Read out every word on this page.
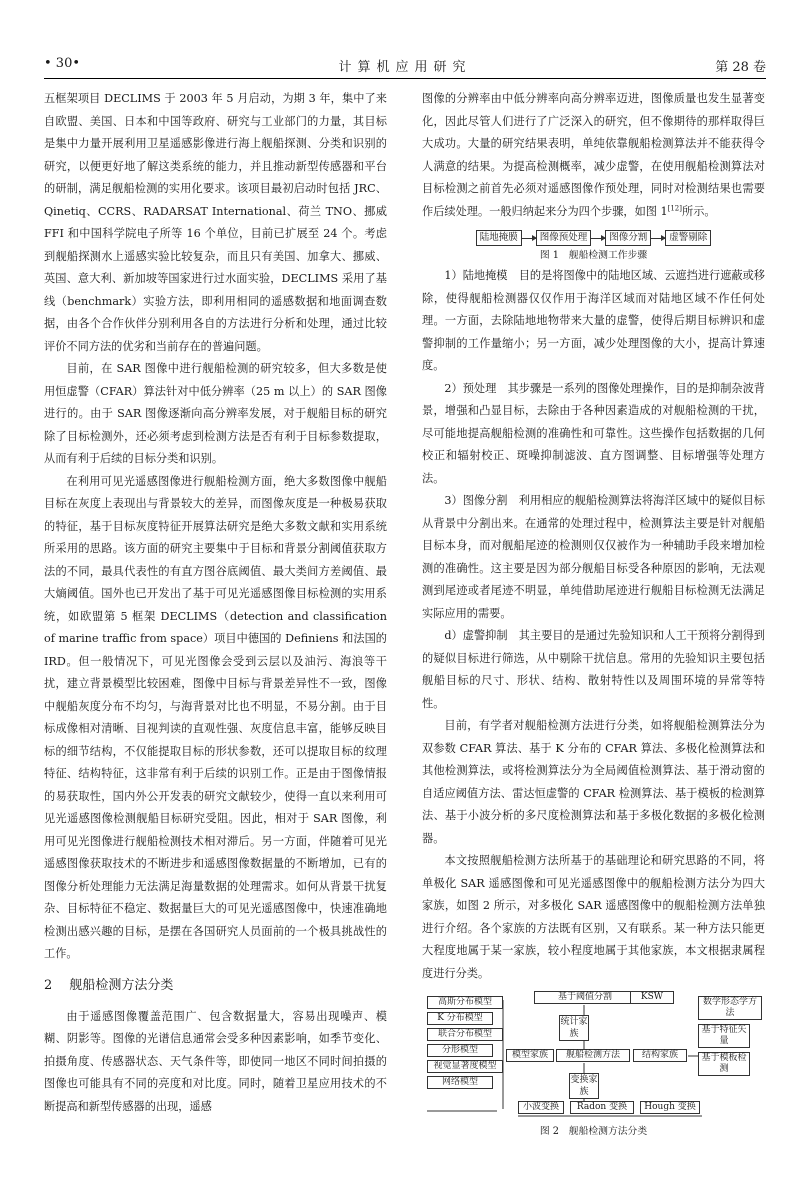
• 30•	计算机应用研究	第 28 卷

五框架项目 DECLIMS 于 2003 年 5 月启动，为期 3 年，集中了来自欧盟、美国、日本和中国等政府、研究与工业部门的力量，其目标是集中力量开展利用卫星遥感影像进行海上舰船探测、分类和识别的研究，以便更好地了解这类系统的能力，并且推动新型传感器和平台的研制，满足舰船检测的实用化要求。该项目最初启动时包括 JRC、Qinetiq、CCRS、RADARSAT International、荷兰 TNO、挪威 FFI 和中国科学院电子所等 16 个单位，目前已扩展至 24 个。考虑到舰船探测水上遥感实验比较复杂，而且只有美国、加拿大、挪威、英国、意大利、新加坡等国家进行过水面实验，DECLIMS 采用了基线（benchmark）实验方法，即利用相同的遥感数据和地面调查数据，由各个合作伙伴分别利用各自的方法进行分析和处理，通过比较评价不同方法的优劣和当前存在的普遍问题。

目前，在 SAR 图像中进行舰船检测的研究较多，但大多数是使用恒虚警（CFAR）算法针对中低分辨率（25 m 以上）的 SAR 图像进行的。由于 SAR 图像逐渐向高分辨率发展，对于舰船目标的研究除了目标检测外，还必须考虑到检测方法是否有利于目标参数提取，从而有利于后续的目标分类和识别。

在利用可见光遥感图像进行舰船检测方面，绝大多数图像中舰船目标在灰度上表现出与背景较大的差异，而图像灰度是一种极易获取的特征，基于目标灰度特征开展算法研究是绝大多数文献和实用系统所采用的思路。该方面的研究主要集中于目标和背景分割阈值获取方法的不同，最具代表性的有直方图谷底阈值、最大类间方差阈值、最大熵阈值。国外也已开发出了基于可见光遥感图像目标检测的实用系统，如欧盟第 5 框架 DECLIMS（detection and classification of marine traffic from space）项目中德国的 Definiens 和法国的 IRD。但一般情况下，可见光图像会受到云层以及油污、海浪等干扰，建立背景模型比较困难，图像中目标与背景差异性不一致，图像中舰船灰度分布不均匀，与海背景对比也不明显，不易分割。由于目标成像相对清晰、目视判读的直观性强、灰度信息丰富，能够反映目标的细节结构，不仅能提取目标的形状参数，还可以提取目标的纹理特征、结构特征，这非常有利于后续的识别工作。正是由于图像情报的易获取性，国内外公开发表的研究文献较少，使得一直以来利用可见光遥感图像检测舰船目标研究受阻。因此，相对于 SAR 图像，利用可见光图像进行舰船检测技术相对滞后。另一方面，伴随着可见光遥感图像获取技术的不断进步和遥感图像数据量的不断增加，已有的图像分析处理能力无法满足海量数据的处理需求。如何从背景干扰复杂、目标特征不稳定、数据量巨大的可见光遥感图像中，快速准确地检测出感兴趣的目标，是摆在各国研究人员面前的一个极具挑战性的工作。

2　 舰船检测方法分类

由于遥感图像覆盖范围广、包含数据量大，容易出现噪声、模糊、阴影等。图像的光谱信息通常会受多种因素影响，如季节变化、拍摄角度、传感器状态、天气条件等，即使同一地区不同时间拍摄的图像也可能具有不同的亮度和对比度。同时，随着卫星应用技术的不断提高和新型传感器的出现，遥感

图像的分辨率由中低分辨率向高分辨率迈进，图像质量也发生显著变化，因此尽管人们进行了广泛深入的研究，但不像期待的那样取得巨大成功。大量的研究结果表明，单纯依靠舰船检测算法并不能获得令人满意的结果。为提高检测概率，减少虚警，在使用舰船检测算法对目标检测之前首先必须对遥感图像作预处理，同时对检测结果也需要作后续处理。一般归纳起来分为四个步骤，如图 1[12]所示。

陆地掩膜	图像预处理	图像分割	虚警剔除
图 1　舰船检测工作步骤

1）陆地掩模　目的是将图像中的陆地区域、云遮挡进行遮蔽或移除，使得舰船检测器仅仅作用于海洋区域而对陆地区域不作任何处理。一方面，去除陆地地物带来大量的虚警，使得后期目标辨识和虚警抑制的工作量缩小；另一方面，减少处理图像的大小，提高计算速度。

2）预处理　其步骤是一系列的图像处理操作，目的是抑制杂波背景，增强和凸显目标，去除由于各种因素造成的对舰船检测的干扰，尽可能地提高舰船检测的准确性和可靠性。这些操作包括数据的几何校正和辐射校正、斑噪抑制滤波、直方图调整、目标增强等处理方法。

3）图像分割　利用相应的舰船检测算法将海洋区域中的疑似目标从背景中分割出来。在通常的处理过程中，检测算法主要是针对舰船目标本身，而对舰船尾迹的检测则仅仅被作为一种辅助手段来增加检测的准确性。这主要是因为部分舰船目标受各种原因的影响，无法观测到尾迹或者尾迹不明显，单纯借助尾迹进行舰船目标检测无法满足实际应用的需要。

d）虚警抑制　其主要目的是通过先验知识和人工干预将分割得到的疑似目标进行筛选，从中剔除干扰信息。常用的先验知识主要包括舰船目标的尺寸、形状、结构、散射特性以及周围环境的异常等特性。

目前，有学者对舰船检测方法进行分类，如将舰船检测算法分为双参数 CFAR 算法、基于 K 分布的 CFAR 算法、多极化检测算法和其他检测算法，或将检测算法分为全局阈值检测算法、基于滑动窗的自适应阈值方法、雷达恒虚警的 CFAR 检测算法、基于模板的检测算法、基于小波分析的多尺度检测算法和基于多极化数据的多极化检测器。

本文按照舰船检测方法所基于的基础理论和研究思路的不同，将单极化 SAR 遥感图像和可见光遥感图像中的舰船检测方法分为四大家族，如图 2 所示，对多极化 SAR 遥感图像中的舰船检测方法单独进行介绍。各个家族的方法既有区别，又有联系。某一种方法只能更大程度地属于某一家族，较小程度地属于其他家族，本文根据隶属程度进行分类。

基于阈值分割	KSW
高斯分布模型
K 分布模型
联合分布模型
分形模型
视觉显著度模型
网络模型
模型家族
统计家族
舰船检测方法	结构家族
变换家族
数学形态学方法
基于特征矢量
基于模板检测
小波变换	Radon 变换	Hough 变换
图 2　舰船检测方法分类
